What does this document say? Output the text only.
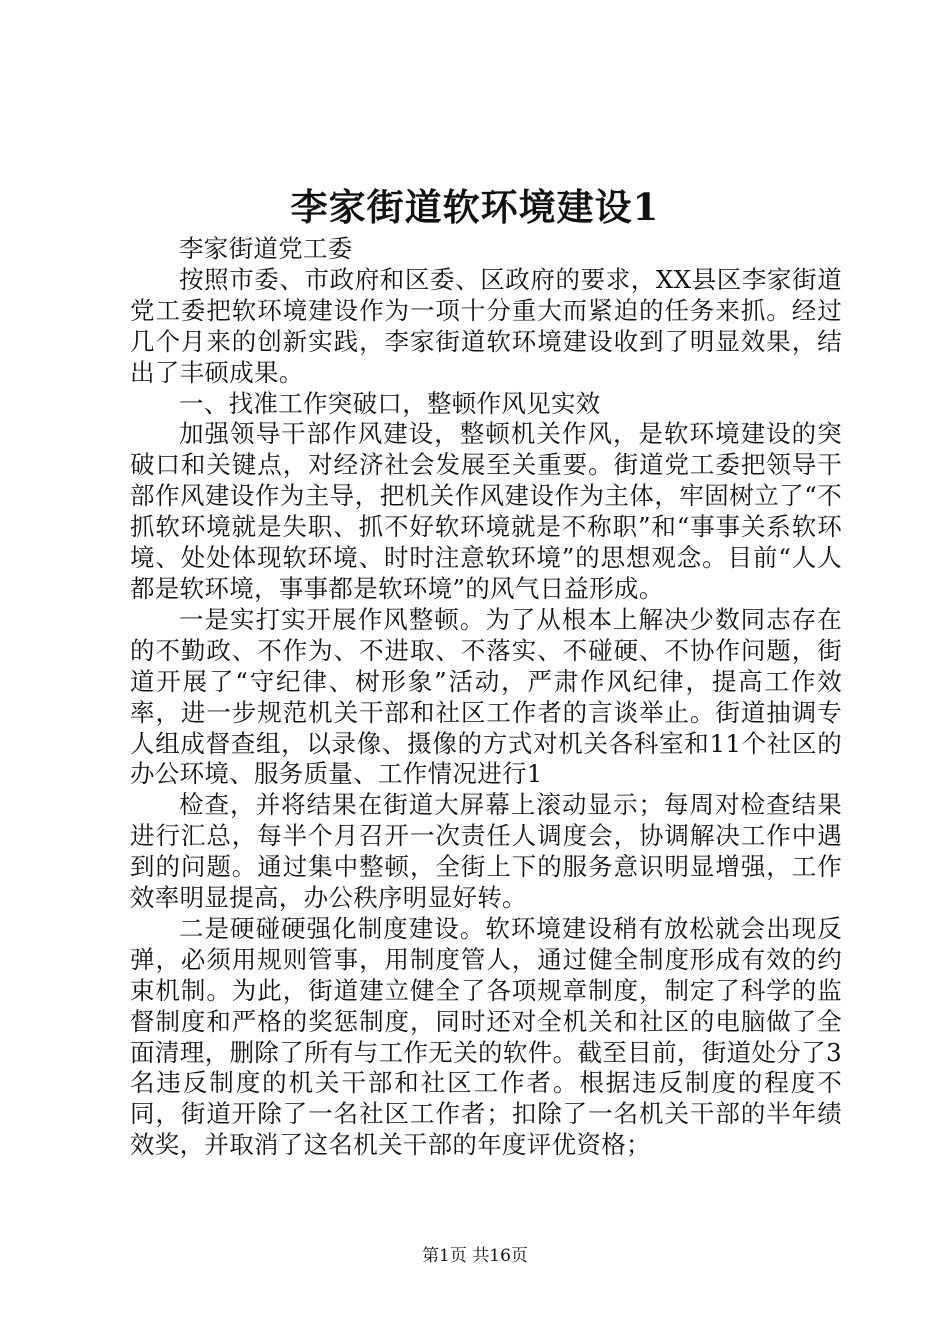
李家街道软环境建设1

李家街道党工委

按照市委、市政府和区委、区政府的要求，XX县区李家街道党工委把软环境建设作为一项十分重大而紧迫的任务来抓。经过几个月来的创新实践，李家街道软环境建设收到了明显效果，结出了丰硕成果。

一、找准工作突破口，整顿作风见实效

加强领导干部作风建设，整顿机关作风，是软环境建设的突破口和关键点，对经济社会发展至关重要。街道党工委把领导干部作风建设作为主导，把机关作风建设作为主体，牢固树立了“不抓软环境就是失职、抓不好软环境就是不称职”和“事事关系软环境、处处体现软环境、时时注意软环境”的思想观念。目前“人人都是软环境，事事都是软环境”的风气日益形成。

一是实打实开展作风整顿。为了从根本上解决少数同志存在的不勤政、不作为、不进取、不落实、不碰硬、不协作问题，街道开展了“守纪律、树形象”活动，严肃作风纪律，提高工作效率，进一步规范机关干部和社区工作者的言谈举止。街道抽调专人组成督查组，以录像、摄像的方式对机关各科室和11个社区的办公环境、服务质量、工作情况进行1

检查，并将结果在街道大屏幕上滚动显示；每周对检查结果进行汇总，每半个月召开一次责任人调度会，协调解决工作中遇到的问题。通过集中整顿，全街上下的服务意识明显增强，工作效率明显提高，办公秩序明显好转。

二是硬碰硬强化制度建设。软环境建设稍有放松就会出现反弹，必须用规则管事，用制度管人，通过健全制度形成有效的约束机制。为此，街道建立健全了各项规章制度，制定了科学的监督制度和严格的奖惩制度，同时还对全机关和社区的电脑做了全面清理，删除了所有与工作无关的软件。截至目前，街道处分了3名违反制度的机关干部和社区工作者。根据违反制度的程度不同，街道开除了一名社区工作者；扣除了一名机关干部的半年绩效奖，并取消了这名机关干部的年度评优资格；

第1页 共16页
